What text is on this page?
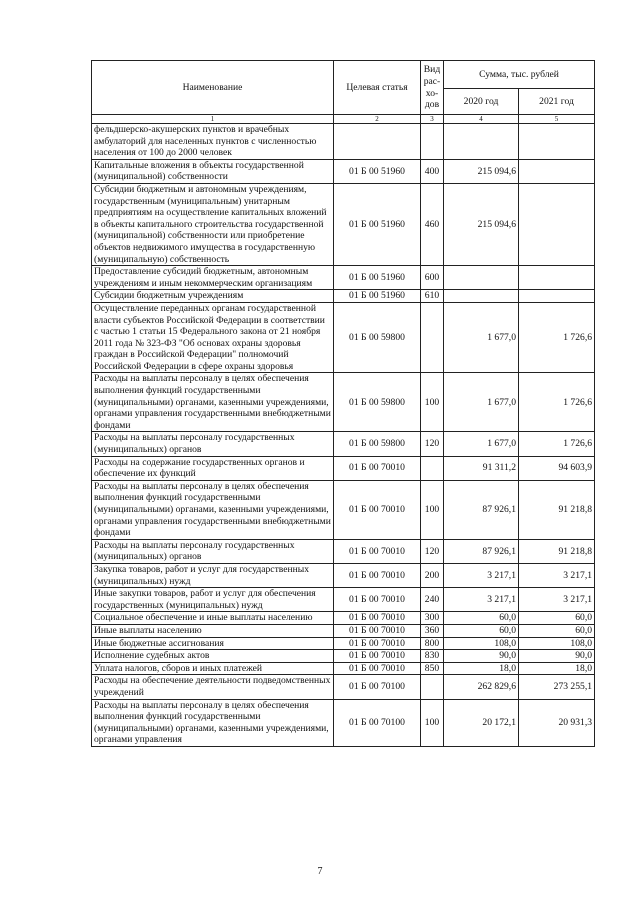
Наименование	Целевая статья	Вид рас- хо- дов	Сумма, тыс. рублей	
			2020 год	2021 год
1	2	3	4	5
фельдшерско-акушерских пунктов и врачебных амбулаторий для населенных пунктов с численностью населения от 100 до 2000 человек				
Капитальные вложения в объекты государственной (муниципальной) собственности	01 Б 00 51960	400	215 094,6	
Субсидии бюджетным и автономным учреждениям, государственным (муниципальным) унитарным предприятиям на осуществление капитальных вложений в объекты капитального строительства государственной (муниципальной) собственности или приобретение объектов недвижимого имущества в государственную (муниципальную) собственность	01 Б 00 51960	460	215 094,6	
Предоставление субсидий бюджетным, автономным учреждениям и иным некоммерческим организациям	01 Б 00 51960	600		
Субсидии бюджетным учреждениям	01 Б 00 51960	610		
Осуществление переданных органам государственной власти субъектов Российской Федерации в соответствии с частью 1 статьи 15 Федерального закона от 21 ноября 2011 года № 323-ФЗ "Об основах охраны здоровья граждан в Российской Федерации" полномочий Российской Федерации в сфере охраны здоровья	01 Б 00 59800		1 677,0	1 726,6
Расходы на выплаты персоналу в целях обеспечения выполнения функций государственными (муниципальными) органами, казенными учреждениями, органами управления государственными внебюджетными фондами	01 Б 00 59800	100	1 677,0	1 726,6
Расходы на выплаты персоналу государственных (муниципальных) органов	01 Б 00 59800	120	1 677,0	1 726,6
Расходы на содержание государственных органов и обеспечение их функций	01 Б 00 70010		91 311,2	94 603,9
Расходы на выплаты персоналу в целях обеспечения выполнения функций государственными (муниципальными) органами, казенными учреждениями, органами управления государственными внебюджетными фондами	01 Б 00 70010	100	87 926,1	91 218,8
Расходы на выплаты персоналу государственных (муниципальных) органов	01 Б 00 70010	120	87 926,1	91 218,8
Закупка товаров, работ и услуг для государственных (муниципальных) нужд	01 Б 00 70010	200	3 217,1	3 217,1
Иные закупки товаров, работ и услуг для обеспечения государственных (муниципальных) нужд	01 Б 00 70010	240	3 217,1	3 217,1
Социальное обеспечение и иные выплаты населению	01 Б 00 70010	300	60,0	60,0
Иные выплаты населению	01 Б 00 70010	360	60,0	60,0
Иные бюджетные ассигнования	01 Б 00 70010	800	108,0	108,0
Исполнение судебных актов	01 Б 00 70010	830	90,0	90,0
Уплата налогов, сборов и иных платежей	01 Б 00 70010	850	18,0	18,0
Расходы на обеспечение деятельности подведомственных учреждений	01 Б 00 70100		262 829,6	273 255,1
Расходы на выплаты персоналу в целях обеспечения выполнения функций государственными (муниципальными) органами, казенными учреждениями, органами управления	01 Б 00 70100	100	20 172,1	20 931,3
7
